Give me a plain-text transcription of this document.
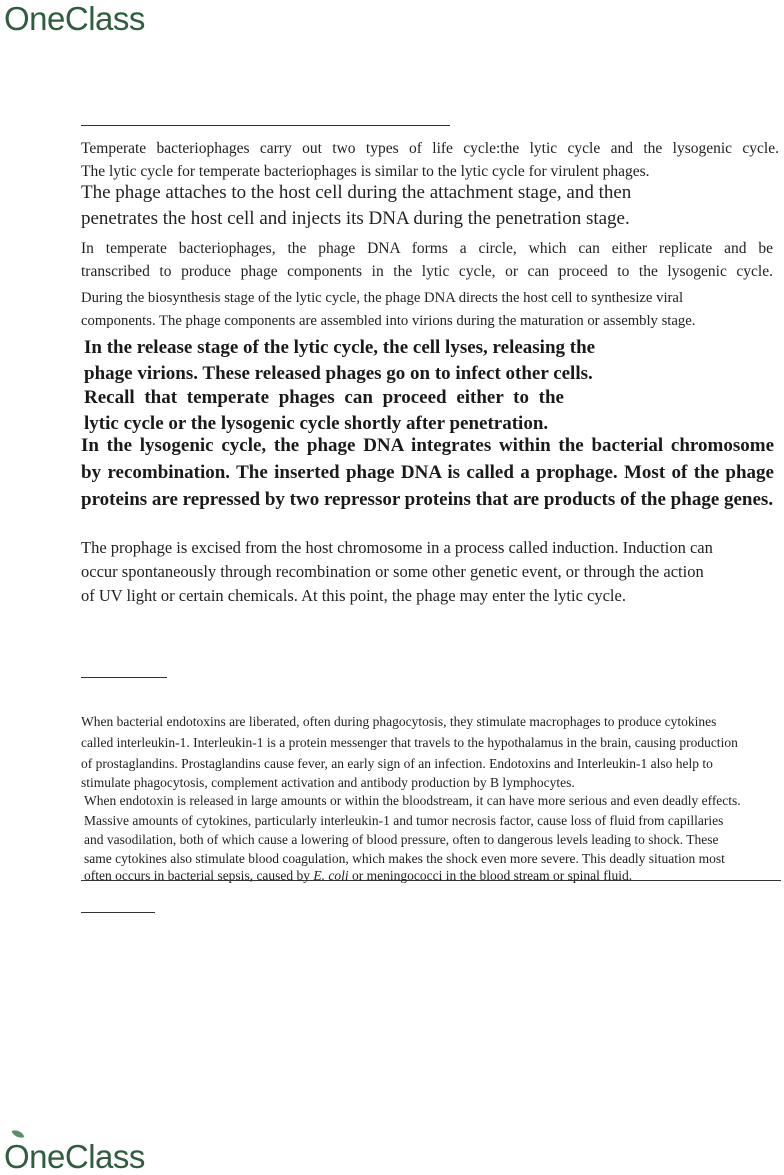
O neClass

Temperate bacteriophages carry out two types of life cycle:the lytic cycle and the lysogenic cycle.

The lytic cycle for temperate bacteriophages is similar to the lytic cycle for virulent phages.

The phage attaches to the host cell during the attachment stage, and then

penetrates the host cell and injects its DNA during the penetration stage.

In temperate bacteriophages, the phage DNA forms a circle, which can either replicate and be

transcribed to produce phage components in the lytic cycle, or can proceed to the lysogenic cycle.

During the biosynthesis stage of the lytic cycle, the phage DNA directs the host cell to synthesize viral

components. The phage components are assembled into virions during the maturation or assembly stage.

In the release stage of the lytic cycle, the cell lyses, releasing the

phage virions. These released phages go on to infect other cells.

Recall that temperate phages can proceed either to the

lytic cycle or the lysogenic cycle shortly after penetration.

In the lysogenic cycle, the phage DNA integrates within the bacterial chromosome

by recombination. The inserted phage DNA is called a prophage. Most of the phage

proteins are repressed by two repressor proteins that are products of the phage genes.

The prophage is excised from the host chromosome in a process called induction. Induction can

occur spontaneously through recombination or some other genetic event, or through the action

of UV light or certain chemicals. At this point, the phage may enter the lytic cycle.

When bacterial endotoxins are liberated, often during phagocytosis, they stimulate macrophages to produce cytokines

called interleukin-1. Interleukin-1 is a protein messenger that travels to the hypothalamus in the brain, causing production

of prostaglandins. Prostaglandins cause fever, an early sign of an infection. Endotoxins and Interleukin-1 also help to

stimulate phagocytosis, complement activation and antibody production by B lymphocytes.

When endotoxin is released in large amounts or within the bloodstream, it can have more serious and even deadly effects.

Massive amounts of cytokines, particularly interleukin-1 and tumor necrosis factor, cause loss of fluid from capillaries

and vasodilation, both of which cause a lowering of blood pressure, often to dangerous levels leading to shock. These

same cytokines also stimulate blood coagulation, which makes the shock even more severe. This deadly situation most

often occurs in bacterial sepsis, caused by E. coli or meningococci in the blood stream or spinal fluid.

O neClass
